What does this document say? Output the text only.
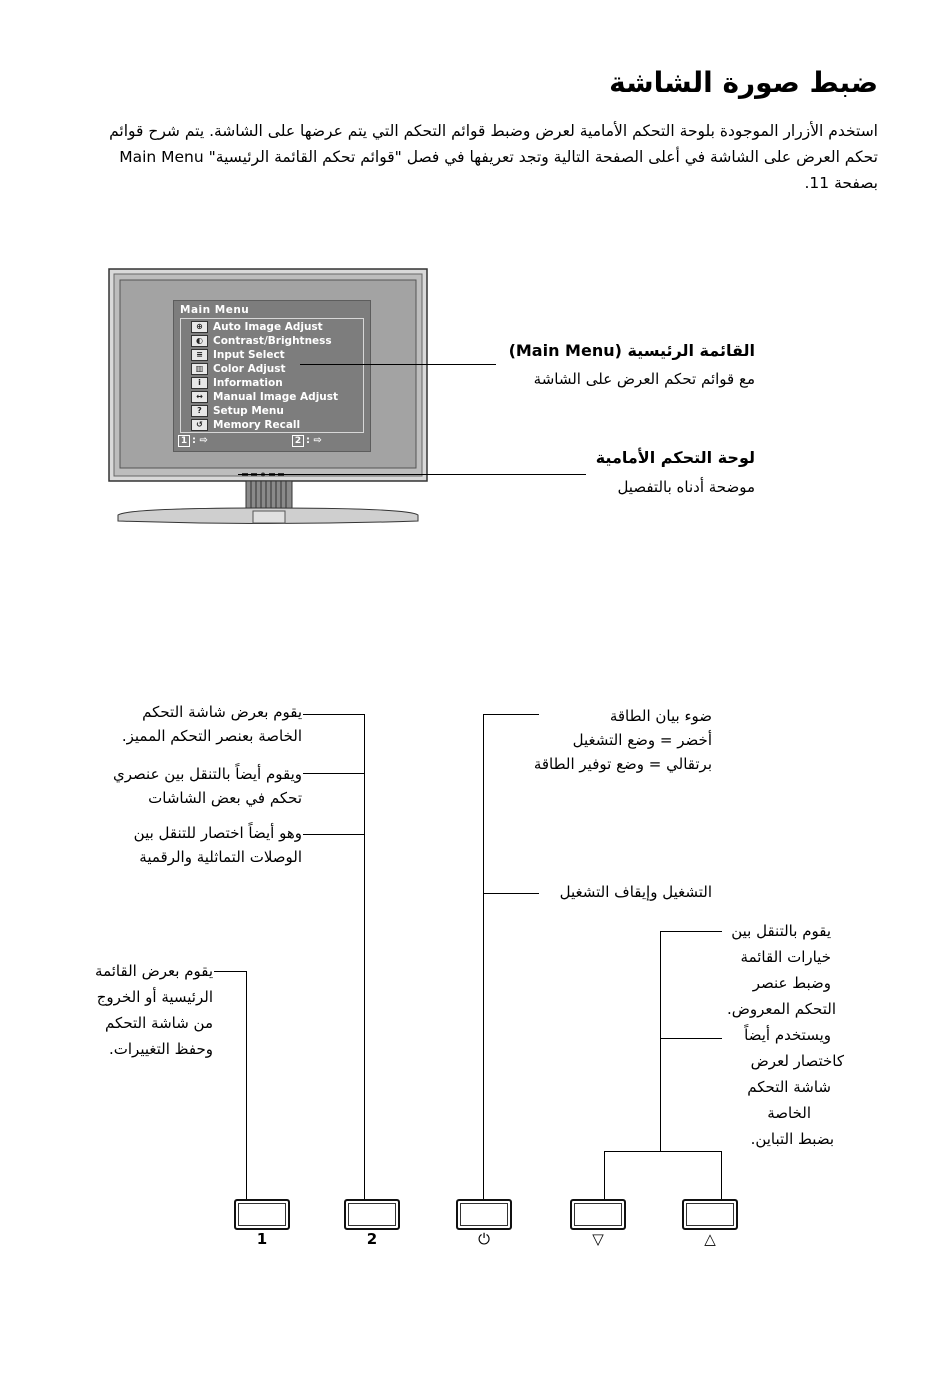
ضبط صورة الشاشة
استخدم الأزرار الموجودة بلوحة التحكم الأمامية لعرض وضبط قوائم التحكم التي يتم عرضها على الشاشة. يتم شرح قوائم
تحكم العرض على الشاشة في أعلى الصفحة التالية وتجد تعريفها في فصل "قوائم تحكم القائمة الرئيسية" Main Menu
بصفحة 11.
Main Menu
⊕ Auto Image Adjust
◐ Contrast/Brightness
≡ Input Select
▥ Color Adjust
i	Information
↔ Manual Image Adjust
?	Setup Menu
↺ Memory Recall
1 : ⇨	2 : ⇨
القائمة الرئيسية (Main Menu)
مع قوائم تحكم العرض على الشاشة
لوحة التحكم الأمامية
موضحة أدناه بالتفصيل
يقوم بعرض شاشة التحكم
الخاصة بعنصر التحكم المميز.
ويقوم أيضاً بالتنقل بين عنصري
تحكم في بعض الشاشات
وهو أيضاً اختصار للتنقل بين
الوصلات التماثلية والرقمية
يقوم بعرض القائمة
الرئيسية أو الخروج
من شاشة التحكم
وحفظ التغييرات.
ضوء بيان الطاقة
أخضر = وضع التشغيل
برتقالي = وضع توفير الطاقة
التشغيل وإيقاف التشغيل
يقوم بالتنقل بين
خيارات القائمة
وضبط عنصر
التحكم المعروض.
ويستخدم أيضاً
كاختصار لعرض
شاشة التحكم
الخاصة
بضبط التباين.
1	2	⏻	▽	△
